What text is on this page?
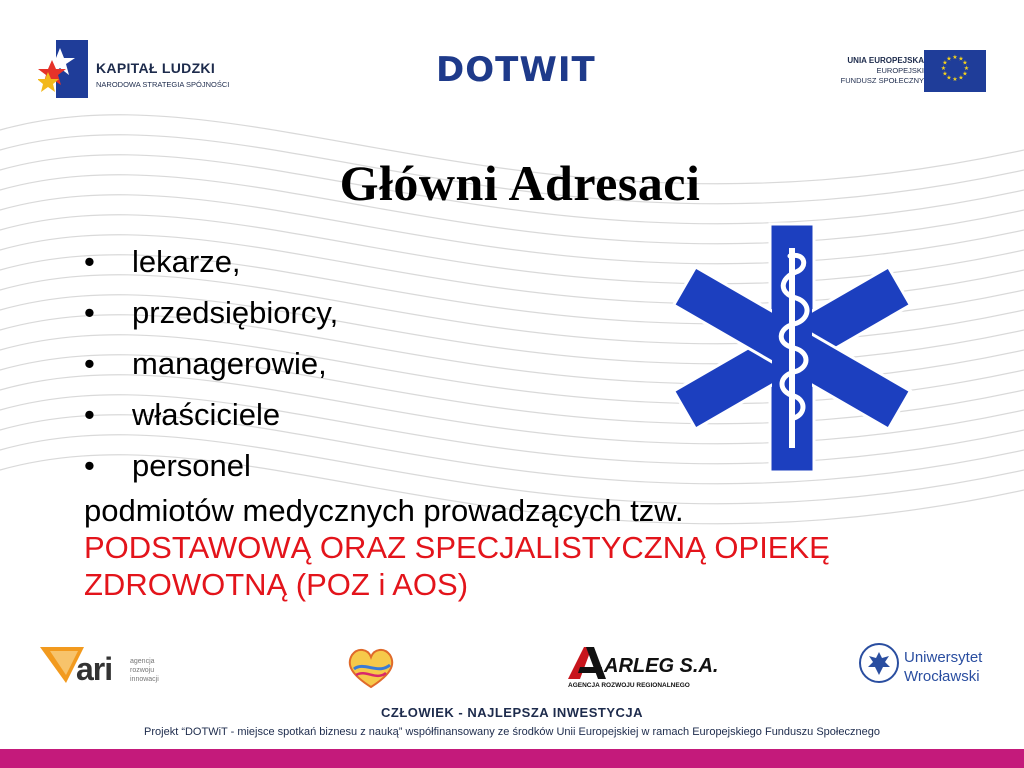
KAPITAŁ LUDZKI
NARODOWA STRATEGIA SPÓJNOŚCI	DOTWIT	UNIA EUROPEJSKA
EUROPEJSKI
FUNDUSZ SPOŁECZNY
★ ★
★
★
★
★
★
★
★
★
★
★
Główni Adresaci
• lekarze,
• przedsiębiorcy,
• managerowie,
• właściciele
• personel
podmiotów medycznych prowadzących tzw.
PODSTAWOWĄ ORAZ SPECJALISTYCZNĄ OPIEKĘ ZDROWOTNĄ (POZ i AOS)
ari	agencja
rozwoju
innowacji
ARLEG S.A.
AGENCJA ROZWOJU REGIONALNEGO
Uniwersytet
Wrocławski
CZŁOWIEK - NAJLEPSZA INWESTYCJA
Projekt “DOTWiT - miejsce spotkań biznesu z nauką” współfinansowany ze środków Unii Europejskiej w ramach Europejskiego Funduszu Społecznego
